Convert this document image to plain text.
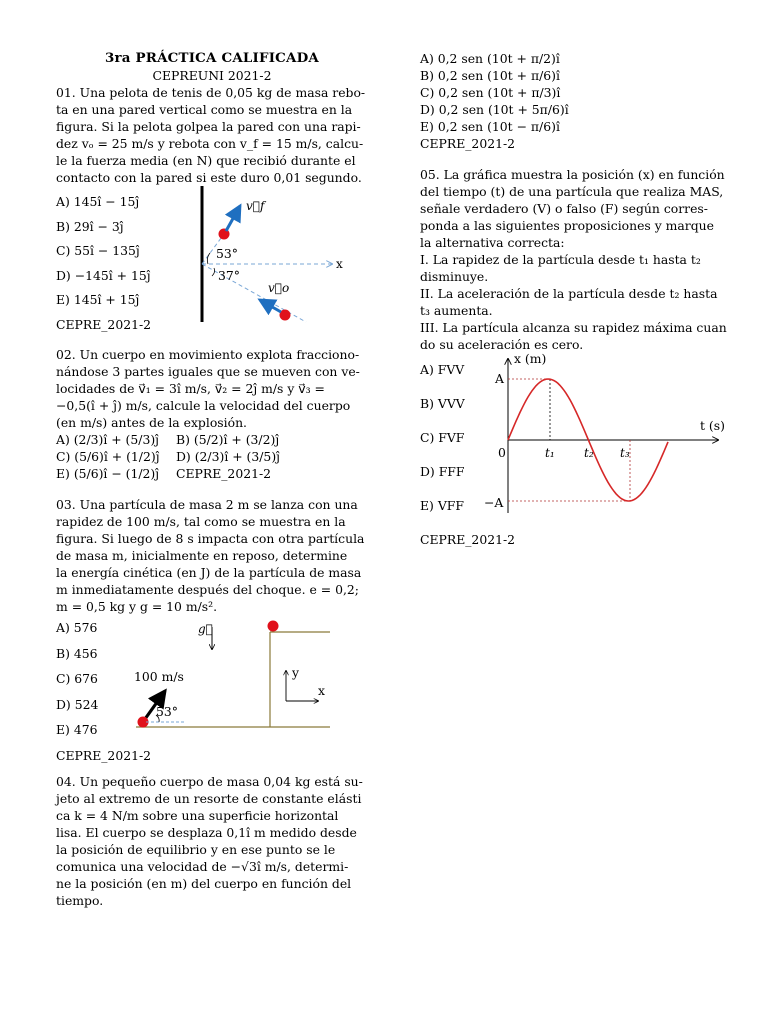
3ra PRÁCTICA CALIFICADA
CEPREUNI 2021-2
01. Una pelota de tenis de 0,05 kg de masa rebo-
ta en una pared vertical como se muestra en la
figura. Si la pelota golpea la pared con una rapi-
dez vₒ = 25 m/s y rebota con v_f = 15 m/s, calcu-
le la fuerza media (en N) que recibió durante el
contacto con la pared si este duro 0,01 segundo.
A) 145î − 15ĵ
B) 29î − 3ĵ
C) 55î − 135ĵ
D) −145î + 15ĵ
E) 145î + 15ĵ
CEPRE_2021-2
x
v⃗f
v⃗o
53°
37°
02. Un cuerpo en movimiento explota fracciono-
nándose 3 partes iguales que se mueven con ve-
locidades de v⃗₁ = 3î m/s, v⃗₂ = 2ĵ m/s y v⃗₃ =
−0,5(î + ĵ) m/s, calcule la velocidad del cuerpo
(en m/s) antes de la explosión.
A) (2/3)î + (5/3)ĵ	B) (5/2)î + (3/2)ĵ
C) (5/6)î + (1/2)ĵ	D) (2/3)î + (3/5)ĵ
E) (5/6)î − (1/2)ĵ	CEPRE_2021-2
03. Una partícula de masa 2 m se lanza con una
rapidez de 100 m/s, tal como se muestra en la
figura. Si luego de 8 s impacta con otra partícula
de masa m, inicialmente en reposo, determine
la energía cinética (en J) de la partícula de masa
m inmediatamente después del choque. e = 0,2;
m = 0,5 kg y g = 10 m/s².
A) 576
B) 456
C) 676
D) 524
E) 476
CEPRE_2021-2
g⃗
100 m/s
53°
y
x
04. Un pequeño cuerpo de masa 0,04 kg está su-
jeto al extremo de un resorte de constante elásti
ca k = 4 N/m sobre una superficie horizontal
lisa. El cuerpo se desplaza 0,1î m medido desde
la posición de equilibrio y en ese punto se le
comunica una velocidad de −√3î m/s, determi-
ne la posición (en m) del cuerpo en función del
tiempo.
A) 0,2 sen (10t + π/2)î
B) 0,2 sen (10t + π/6)î
C) 0,2 sen (10t + π/3)î
D) 0,2 sen (10t + 5π/6)î
E) 0,2 sen (10t − π/6)î
CEPRE_2021-2
05. La gráfica muestra la posición (x) en función
del tiempo (t) de una partícula que realiza MAS,
señale verdadero (V) o falso (F) según corres-
ponda a las siguientes proposiciones y marque
la alternativa correcta:
I. La rapidez de la partícula desde t₁ hasta t₂
disminuye.
II. La aceleración de la partícula desde t₂ hasta
t₃ aumenta.
III. La partícula alcanza su rapidez máxima cuan
do su aceleración es cero.
A) FVV
B) VVV
C) FVF
D) FFF
E) VFF
CEPRE_2021-2
x (m)
t (s)
A
−A
0	t₁ t₂ t₃
